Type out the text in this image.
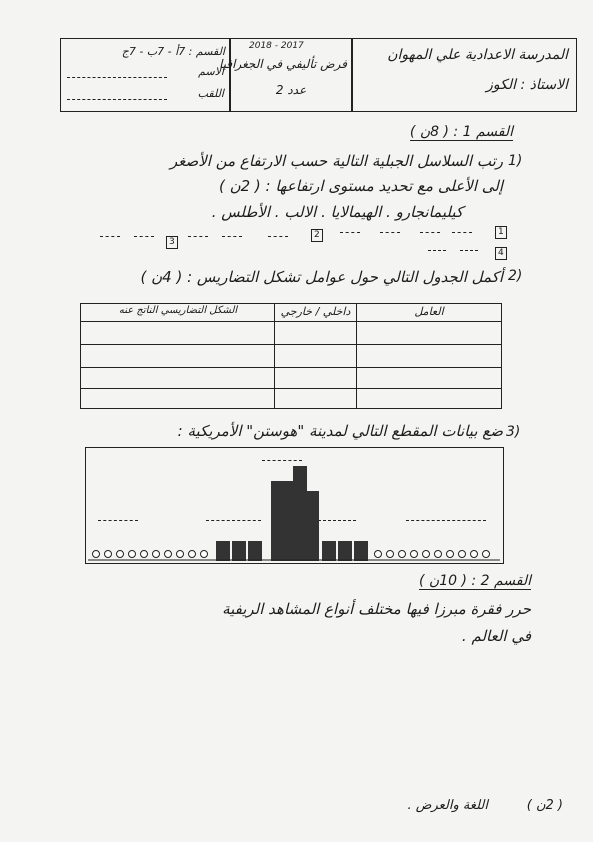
المدرسة الاعدادية علي المهوان
الاستاذ : الكوز
2018 - 2017
فرض تأليفي في الجغرافيا
عدد 2
القسم : 7أ - 7ب - 7ج
الاسم
اللقب
القسم 1 : ( 8ن )
1)
رتب السلاسل الجبلية التالية حسب الارتفاع من الأصغر
إلى الأعلى مع تحديد مستوى ارتفاعها : ( 2ن )
كيليمانجارو . الهيمالايا . الالب . الأطلس .
3
2	1
4
2)
أكمل الجدول التالي حول عوامل تشكل التضاريس : ( 4ن )
العامل
داخلي / خارجي
الشكل التضاريسي الناتج عنه
3)
ضع بيانات المقطع التالي لمدينة "هوستن" الأمريكية :
القسم 2 : ( 10ن )
حرر فقرة مبرزا فيها مختلف أنواع المشاهد الريفية
في العالم .
( 2ن )
اللغة والعرض .
